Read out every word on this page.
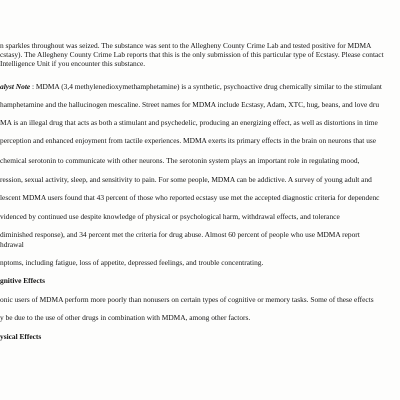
n sparkles throughout was seized. The substance was sent to the Allegheny County Crime Lab and tested positive for MDMA
cstasy). The Allegheny County Crime Lab reports that this is the only submission of this particular type of Ecstasy. Please contact
Intelligence Unit if you encounter this substance.
alyst Note : MDMA (3,4 methylenedioxymethamphetamine) is a synthetic, psychoactive drug chemically similar to the stimulant
hamphetamine and the hallucinogen mescaline. Street names for MDMA include Ecstasy, Adam, XTC, hug, beans, and love dru
MA is an illegal drug that acts as both a stimulant and psychedelic, producing an energizing effect, as well as distortions in time
perception and enhanced enjoyment from tactile experiences. MDMA exerts its primary effects in the brain on neurons that use
chemical serotonin to communicate with other neurons. The serotonin system plays an important role in regulating mood,
ression, sexual activity, sleep, and sensitivity to pain. For some people, MDMA can be addictive. A survey of young adult and
lescent MDMA users found that 43 percent of those who reported ecstasy use met the accepted diagnostic criteria for dependenc
videnced by continued use despite knowledge of physical or psychological harm, withdrawal effects, and tolerance
diminished response), and 34 percent met the criteria for drug abuse. Almost 60 percent of people who use MDMA report
hdrawal
nptoms, including fatigue, loss of appetite, depressed feelings, and trouble concentrating.
gnitive Effects
onic users of MDMA perform more poorly than nonusers on certain types of cognitive or memory tasks. Some of these effects
y be due to the use of other drugs in combination with MDMA, among other factors.
ysical Effects
